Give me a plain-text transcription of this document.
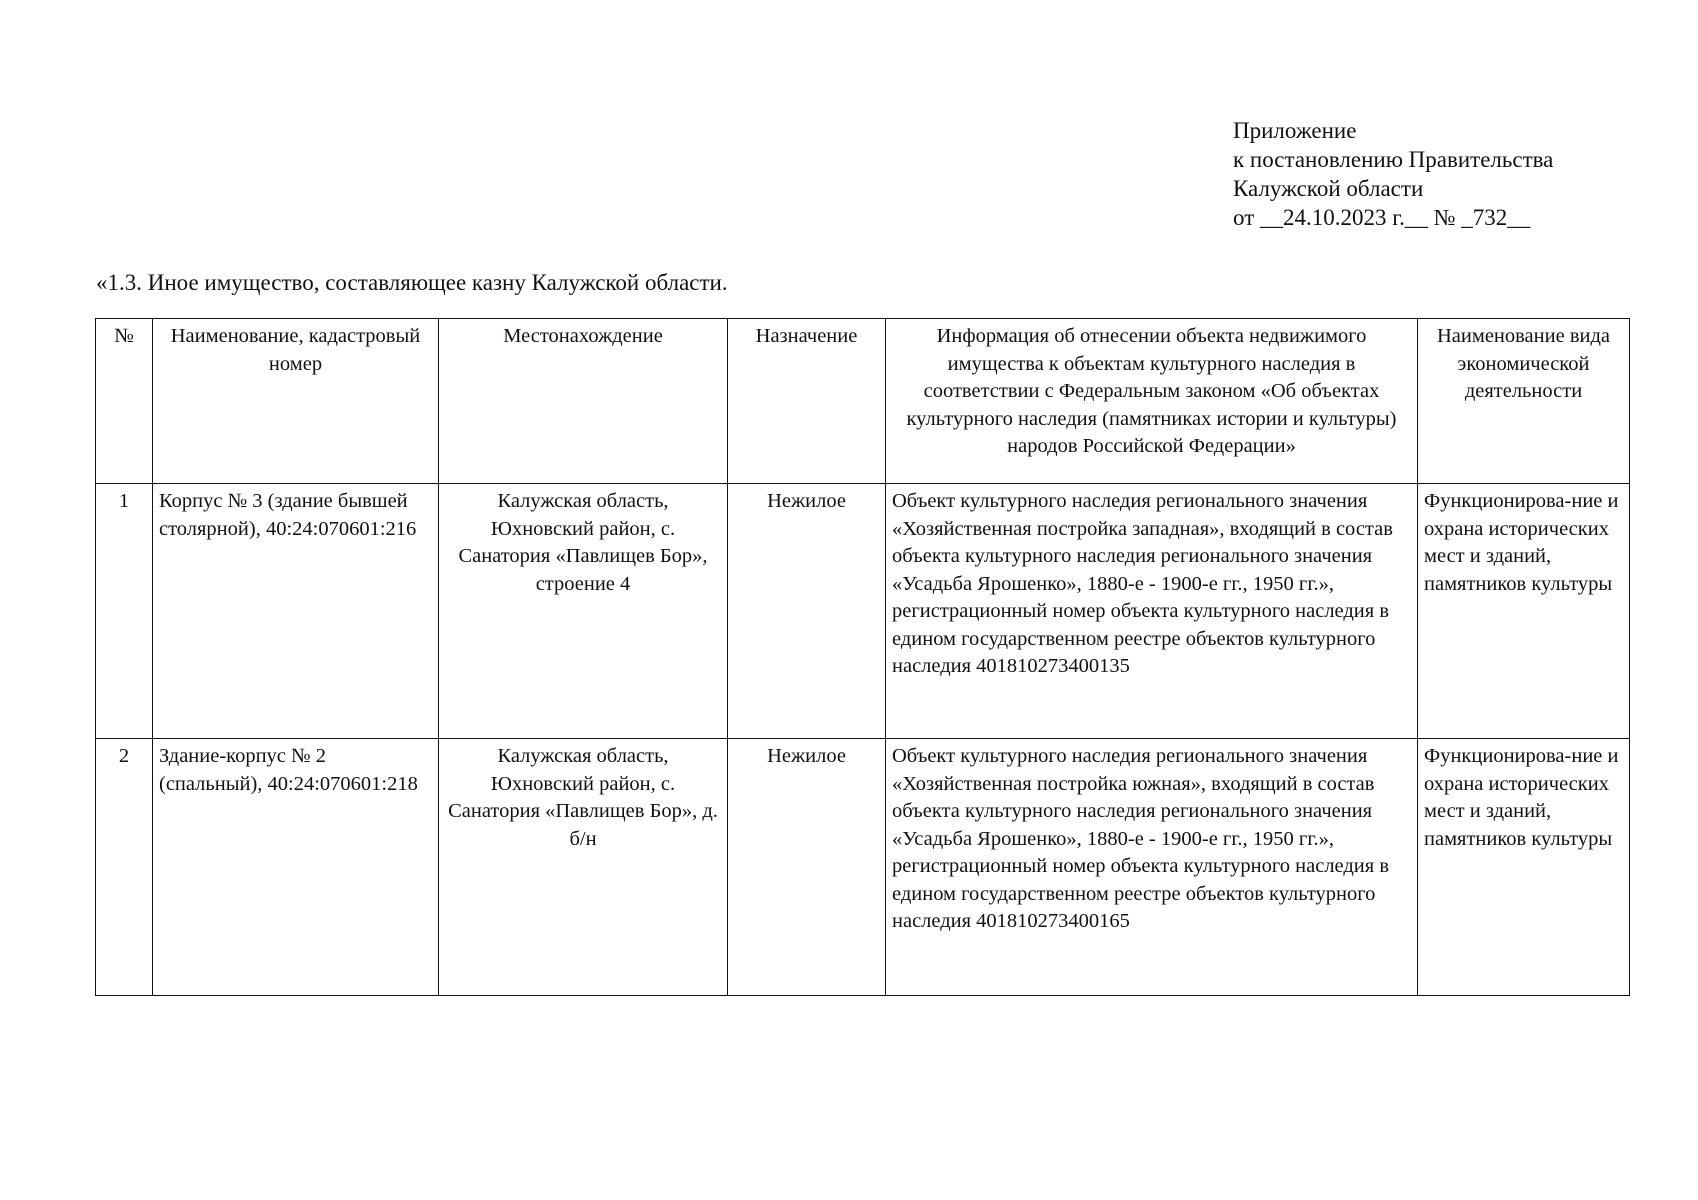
Приложение
к постановлению Правительства
Калужской области
от __24.10.2023 г.__ № _732__
«1.3. Иное имущество, составляющее казну Калужской области.
№	Наименование, кадастровый номер	Местонахождение	Назначение	Информация об отнесении объекта недвижимого имущества к объектам культурного наследия в соответствии с Федеральным законом «Об объектах культурного наследия (памятниках истории и культуры) народов Российской Федерации»	Наименование вида экономической деятельности
1	Корпус № 3 (здание бывшей столярной), 40:24:070601:216	Калужская область, Юхновский район, с. Санатория «Павлищев Бор», строение 4	Нежилое	Объект культурного наследия регионального значения «Хозяйственная постройка западная», входящий в состав объекта культурного наследия регионального значения «Усадьба Ярошенко», 1880-е - 1900-е гг., 1950 гг.», регистрационный номер объекта культурного наследия в едином государственном реестре объектов культурного наследия 401810273400135	Функционирова-ние и охрана исторических мест и зданий, памятников культуры
2	Здание-корпус № 2 (спальный), 40:24:070601:218	Калужская область, Юхновский район, с. Санатория «Павлищев Бор», д. б/н	Нежилое	Объект культурного наследия регионального значения «Хозяйственная постройка южная», входящий в состав объекта культурного наследия регионального значения «Усадьба Ярошенко», 1880-е - 1900-е гг., 1950 гг.», регистрационный номер объекта культурного наследия в едином государственном реестре объектов культурного наследия 401810273400165	Функционирова-ние и охрана исторических мест и зданий, памятников культуры
